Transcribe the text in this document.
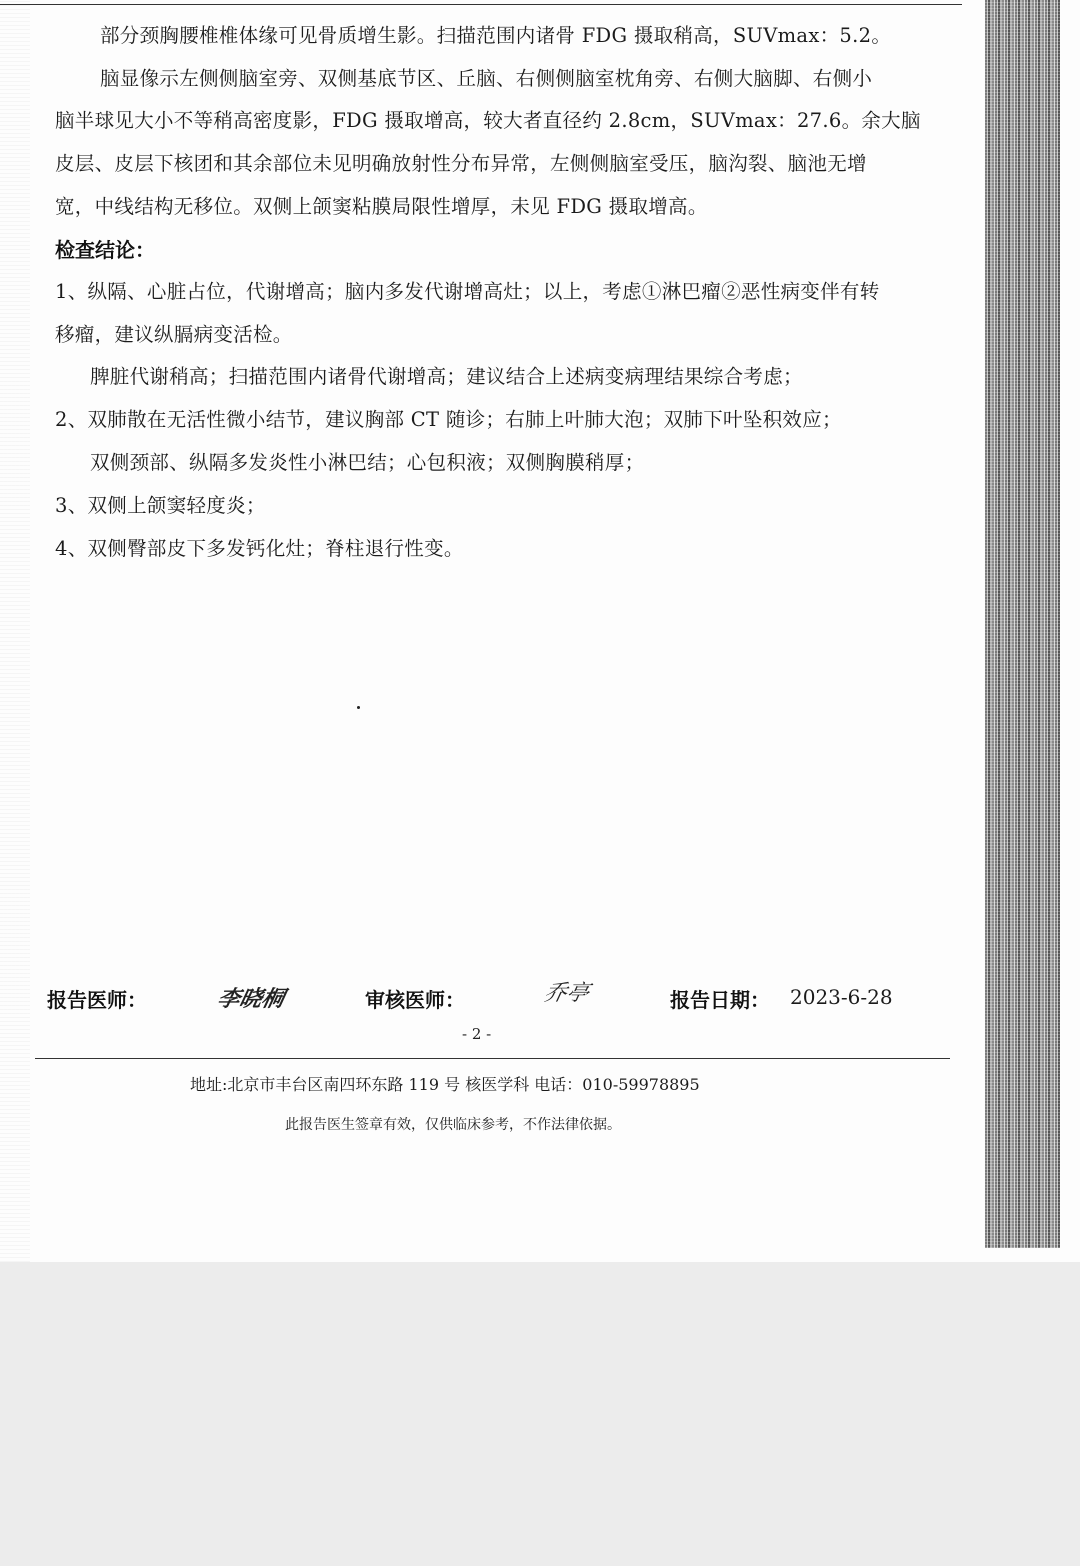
部分颈胸腰椎椎体缘可见骨质增生影。扫描范围内诸骨 FDG 摄取稍高，SUVmax：5.2。
脑显像示左侧侧脑室旁、双侧基底节区、丘脑、右侧侧脑室枕角旁、右侧大脑脚、右侧小
脑半球见大小不等稍高密度影，FDG 摄取增高，较大者直径约 2.8cm，SUVmax：27.6。余大脑
皮层、皮层下核团和其余部位未见明确放射性分布异常，左侧侧脑室受压，脑沟裂、脑池无增
宽，中线结构无移位。双侧上颌窦粘膜局限性增厚，未见 FDG 摄取增高。
检查结论：
1、纵隔、心脏占位，代谢增高；脑内多发代谢增高灶；以上，考虑①淋巴瘤②恶性病变伴有转
移瘤，建议纵膈病变活检。
脾脏代谢稍高；扫描范围内诸骨代谢增高；建议结合上述病变病理结果综合考虑；
2、双肺散在无活性微小结节，建议胸部 CT 随诊；右肺上叶肺大泡；双肺下叶坠积效应；
双侧颈部、纵隔多发炎性小淋巴结；心包积液；双侧胸膜稍厚；
3、双侧上颌窦轻度炎；
4、双侧臀部皮下多发钙化灶；脊柱退行性变。
报告医师：	李晓桐	审核医师：	乔亭	报告日期： 2023-6-28
- 2 -
地址:北京市丰台区南四环东路 119 号 核医学科 电话：010-59978895
此报告医生签章有效，仅供临床参考，不作法律依据。
